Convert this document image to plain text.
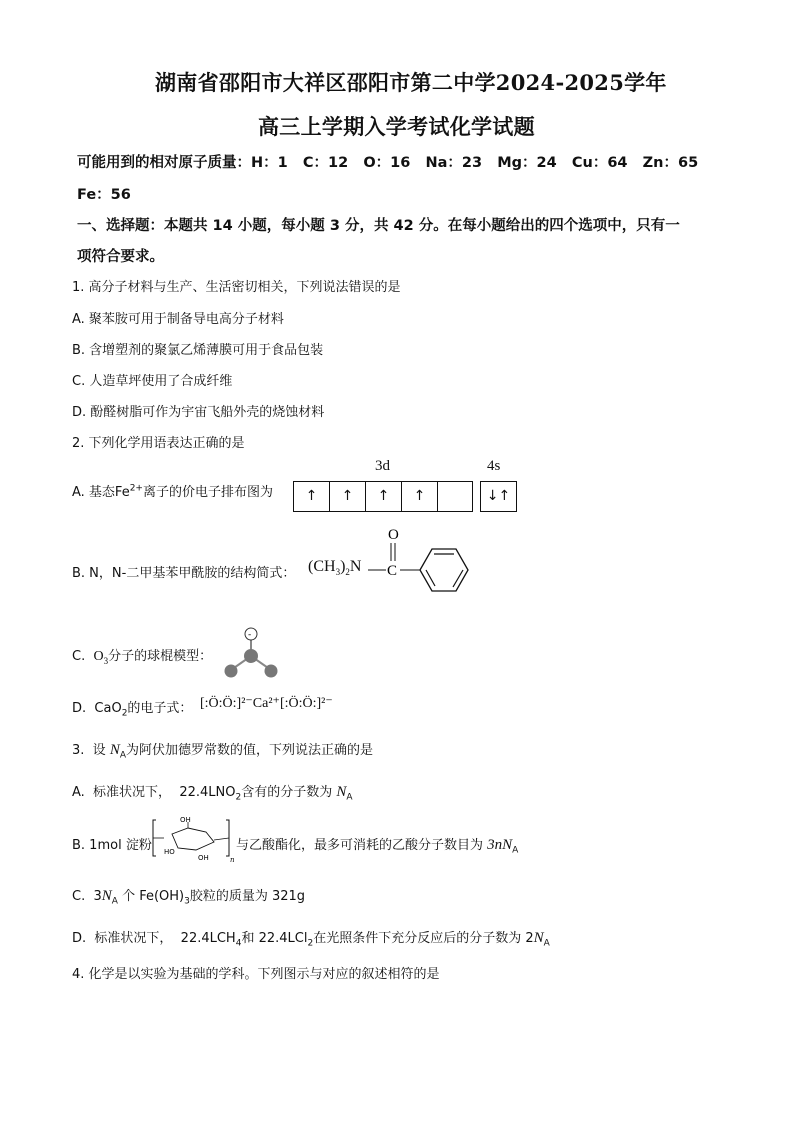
湖南省邵阳市大祥区邵阳市第二中学2024-2025学年
高三上学期入学考试化学试题
可能用到的相对原子质量：H：1   C：12   O：16   Na：23   Mg：24   Cu：64   Zn：65
Fe：56
一、选择题：本题共 14 小题，每小题 3 分，共 42 分。在每小题给出的四个选项中，只有一
项符合要求。
1. 高分子材料与生产、生活密切相关，下列说法错误的是
A. 聚苯胺可用于制备导电高分子材料
B. 含增塑剂的聚氯乙烯薄膜可用于食品包装
C. 人造草坪使用了合成纤维
D. 酚醛树脂可作为宇宙飞船外壳的烧蚀材料
2. 下列化学用语表达正确的是
3d	4s
A. 基态$Fe^{2+}$离子的价电子排布图为	↑	↑	↑	↑	↓↑
B. N，N-二甲基苯甲酰胺的结构简式： $(CH_3)_2N$
O
C
C.  $O_3$分子的球棍模型：
-
D.  CaO$_2$的电子式： [:Ö:Ö:]²⁻Ca²⁺[:Ö:Ö:]²⁻
3.  设 $N_A$为阿伏加德罗常数的值，下列说法正确的是
A.  标准状况下，  $22.4LNO_2$含有的分子数为 $N_A$
B. 1mol 淀粉
OH
HO
OH	n
与乙酸酯化，最多可消耗的乙酸分子数目为 $3nN_A$
C.  $3N_A$ 个 $Fe(OH)_3$胶粒的质量为 321g
D.  标准状况下，  $22.4LCH_4$和 22.4LCl$_2$在光照条件下充分反应后的分子数为 $2N_A$
4. 化学是以实验为基础的学科。下列图示与对应的叙述相符的是
